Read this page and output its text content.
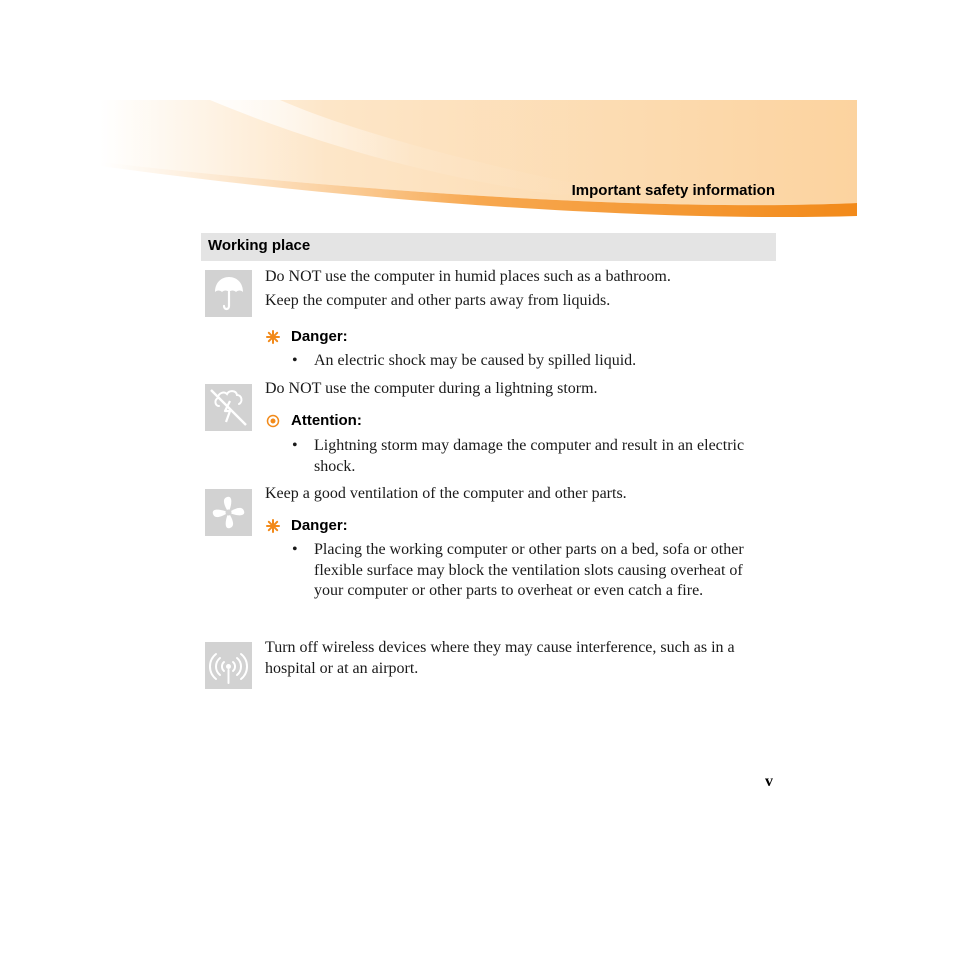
Important safety information
Working place
Do NOT use the computer in humid places such as a bathroom.
Keep the computer and other parts away from liquids.
Danger:
• An electric shock may be caused by spilled liquid.
Do NOT use the computer during a lightning storm.
Attention:
• Lightning storm may damage the computer and result in an electric shock.
Keep a good ventilation of the computer and other parts.
Danger:
• Placing the working computer or other parts on a bed, sofa or other flexible surface may block the ventilation slots causing overheat of your computer or other parts to overheat or even catch a fire.
Turn off wireless devices where they may cause interference, such as in a hospital or at an airport.
v
